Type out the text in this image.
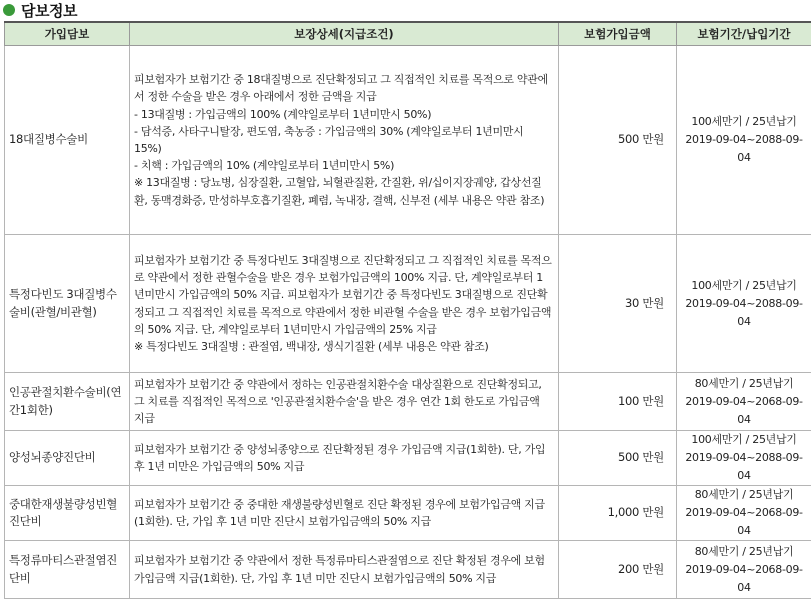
담보정보
가입담보	보장상세(지급조건)	보험가입금액	보험기간/납입기간
18대질병수술비	피보험자가 보험기간 중 18대질병으로 진단확정되고 그 직접적인 치료를 목적으로 약관에서 정한 수술을 받은 경우 아래에서 정한 금액을 지급
- 13대질병 : 가입금액의 100% (계약일로부터 1년미만시 50%)
- 담석증, 사타구니탈장, 편도염, 축농증 : 가입금액의 30% (계약일로부터 1년미만시 15%)
- 치핵 : 가입금액의 10% (계약일로부터 1년미만시 5%)
※ 13대질병 : 당뇨병, 심장질환, 고혈압, 뇌혈관질환, 간질환, 위/십이지장궤양, 갑상선질환, 동맥경화증, 만성하부호흡기질환, 폐렴, 녹내장, 결핵, 신부전 (세부 내용은 약관 참조)	500 만원	100세만기 / 25년납기
2019-09-04~2088-09-04

특정다빈도 3대질병수술비(관혈/비관혈)	피보험자가 보험기간 중 특정다빈도 3대질병으로 진단확정되고 그 직접적인 치료를 목적으로 약관에서 정한 관혈수술을 받은 경우 보험가입금액의 100% 지급. 단, 계약일로부터 1년미만시 가입금액의 50% 지급. 피보험자가 보험기간 중 특정다빈도 3대질병으로 진단확정되고 그 직접적인 치료를 목적으로 약관에서 정한 비관혈 수술을 받은 경우 보험가입금액의 50% 지급. 단, 계약일로부터 1년미만시 가입금액의 25% 지급
※ 특정다빈도 3대질병 : 관절염, 백내장, 생식기질환 (세부 내용은 약관 참조)	30 만원	100세만기 / 25년납기
2019-09-04~2088-09-04

인공관절치환수술비(연간1회한)	피보험자가 보험기간 중 약관에서 정하는 인공관절치환수술 대상질환으로 진단확정되고, 그 치료를 직접적인 목적으로 '인공관절치환수술'을 받은 경우 연간 1회 한도로 가입금액 지급	100 만원	80세만기 / 25년납기
2019-09-04~2068-09-04

양성뇌종양진단비	피보험자가 보험기간 중 양성뇌종양으로 진단확정된 경우 가입금액 지급(1회한). 단, 가입 후 1년 미만은 가입금액의 50% 지급	500 만원	100세만기 / 25년납기
2019-09-04~2088-09-04

중대한재생불량성빈혈진단비	피보험자가 보험기간 중 중대한 재생불량성빈혈로 진단 확정된 경우에 보험가입금액 지급(1회한). 단, 가입 후 1년 미만 진단시 보험가입금액의 50% 지급	1,000 만원	80세만기 / 25년납기
2019-09-04~2068-09-04

특정류마티스관절염진단비	피보험자가 보험기간 중 약관에서 정한 특정류마티스관절염으로 진단 확정된 경우에 보험가입금액 지급(1회한). 단, 가입 후 1년 미만 진단시 보험가입금액의 50% 지급	200 만원	80세만기 / 25년납기
2019-09-04~2068-09-04
